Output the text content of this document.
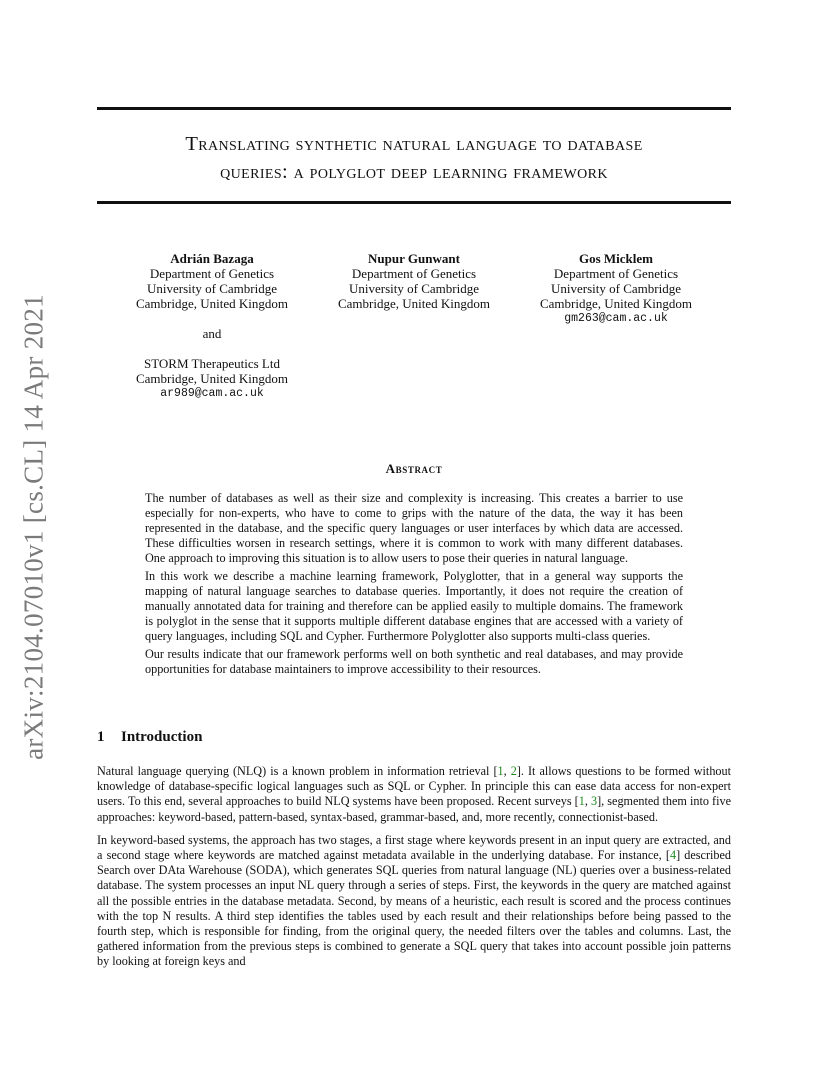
arXiv:2104.07010v1 [cs.CL] 14 Apr 2021
Translating synthetic natural language to database
queries: a polyglot deep learning framework
Adrián Bazaga
Department of Genetics
University of Cambridge
Cambridge, United Kingdom
and
STORM Therapeutics Ltd
Cambridge, United Kingdom
ar989@cam.ac.uk
Nupur Gunwant
Department of Genetics
University of Cambridge
Cambridge, United Kingdom
Gos Micklem
Department of Genetics
University of Cambridge
Cambridge, United Kingdom
gm263@cam.ac.uk
Abstract

The number of databases as well as their size and complexity is increasing. This creates a barrier to use especially for non-experts, who have to come to grips with the nature of the data, the way it has been represented in the database, and the specific query languages or user interfaces by which data are accessed. These difficulties worsen in research settings, where it is common to work with many different databases. One approach to improving this situation is to allow users to pose their queries in natural language.

In this work we describe a machine learning framework, Polyglotter, that in a general way supports the mapping of natural language searches to database queries. Importantly, it does not require the creation of manually annotated data for training and therefore can be applied easily to multiple domains. The framework is polyglot in the sense that it supports multiple different database engines that are accessed with a variety of query languages, including SQL and Cypher. Furthermore Polyglotter also supports multi-class queries.

Our results indicate that our framework performs well on both synthetic and real databases, and may provide opportunities for database maintainers to improve accessibility to their resources.

1 Introduction

Natural language querying (NLQ) is a known problem in information retrieval [1, 2]. It allows questions to be formed without knowledge of database-specific logical languages such as SQL or Cypher. In principle this can ease data access for non-expert users. To this end, several approaches to build NLQ systems have been proposed. Recent surveys [1, 3], segmented them into five approaches: keyword-based, pattern-based, syntax-based, grammar-based, and, more recently, connectionist-based.

In keyword-based systems, the approach has two stages, a first stage where keywords present in an input query are extracted, and a second stage where keywords are matched against metadata available in the underlying database. For instance, [4] described Search over DAta Warehouse (SODA), which generates SQL queries from natural language (NL) queries over a business-related database. The system processes an input NL query through a series of steps. First, the keywords in the query are matched against all the possible entries in the database metadata. Second, by means of a heuristic, each result is scored and the process continues with the top N results. A third step identifies the tables used by each result and their relationships before being passed to the fourth step, which is responsible for finding, from the original query, the needed filters over the tables and columns. Last, the gathered information from the previous steps is combined to generate a SQL query that takes into account possible join patterns by looking at foreign keys and
